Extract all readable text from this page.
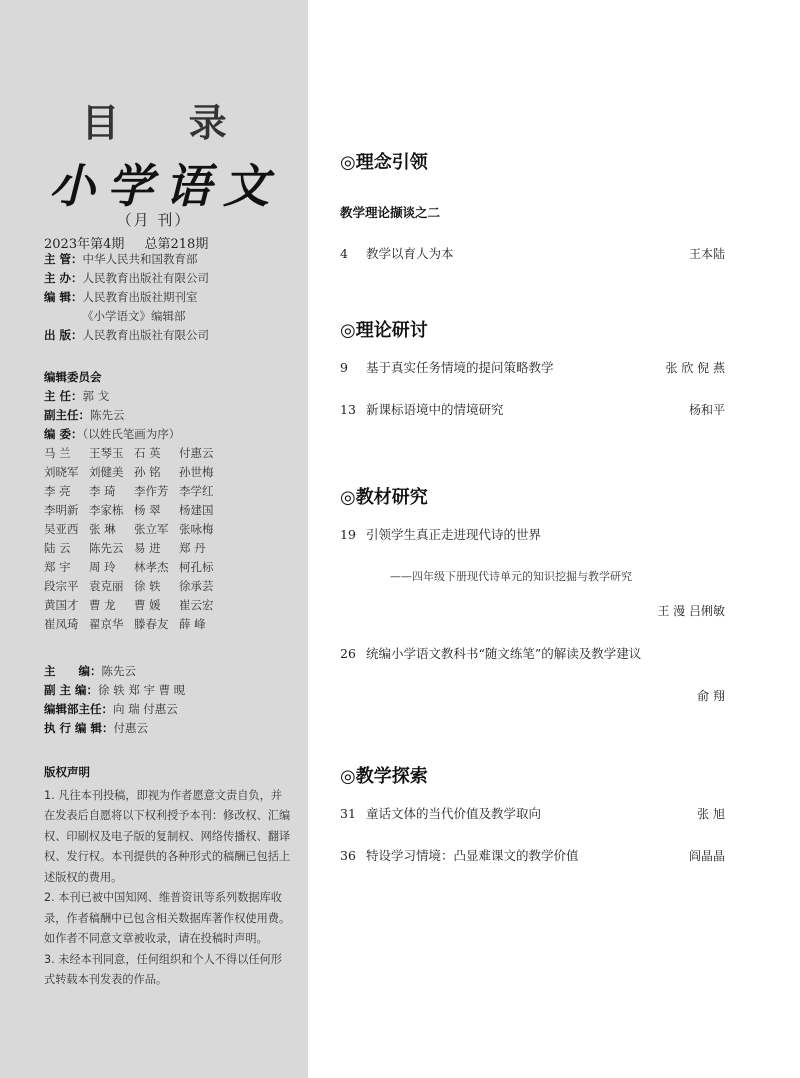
目 录
小学语文
（月 刊）
2023年第4期 总第218期
主 管：中华人民共和国教育部
主 办：人民教育出版社有限公司
编 辑：人民教育出版社期刊室
《小学语文》编辑部
出 版：人民教育出版社有限公司
编辑委员会
主 任：郭 戈
副主任：陈先云
编 委：（以姓氏笔画为序）
马 兰	王琴玉 石 英	付惠云
刘晓军 刘健美 孙 铭	孙世梅
李 亮	李 琦	李作芳 李学红
李明新 李家栋 杨 翠	杨建国
吴亚西 张 琳	张立军 张咏梅
陆 云	陈先云 易 进	郑 丹
郑 宇	周 玲	林孝杰 柯孔标
段宗平 袁克丽 徐 轶	徐承芸
黄国才 曹 龙	曹 媛	崔云宏
崔凤琦 翟京华 滕春友 薛 峰
主　　编：陈先云
副 主 编：徐 轶 郑 宇 曹 晛
编辑部主任：向 瑞 付惠云
执 行 编 辑：付惠云
版权声明

1. 凡往本刊投稿，即视为作者愿意文责自负，并在发表后自愿将以下权利授予本刊：修改权、汇编权、印刷权及电子版的复制权、网络传播权、翻译权、发行权。本刊提供的各种形式的稿酬已包括上述版权的费用。

2. 本刊已被中国知网、维普资讯等系列数据库收录，作者稿酬中已包含相关数据库著作权使用费。如作者不同意文章被收录，请在投稿时声明。

3. 未经本刊同意，任何组织和个人不得以任何形式转载本刊发表的作品。

◎理念引领
教学理论撷谈之二
4 教学以育人为本	王本陆
◎理论研讨
9 基于真实任务情境的提问策略教学	张 欣 倪 燕
13 新课标语境中的情境研究	杨和平
◎教材研究
19 引领学生真正走进现代诗的世界
——四年级下册现代诗单元的知识挖掘与教学研究
王 漫 吕俐敏
26 统编小学语文教科书“随文练笔”的解读及教学建议
俞 翔
◎教学探索
31 童话文体的当代价值及教学取向	张 旭
36 特设学习情境：凸显难课文的教学价值	阎晶晶
